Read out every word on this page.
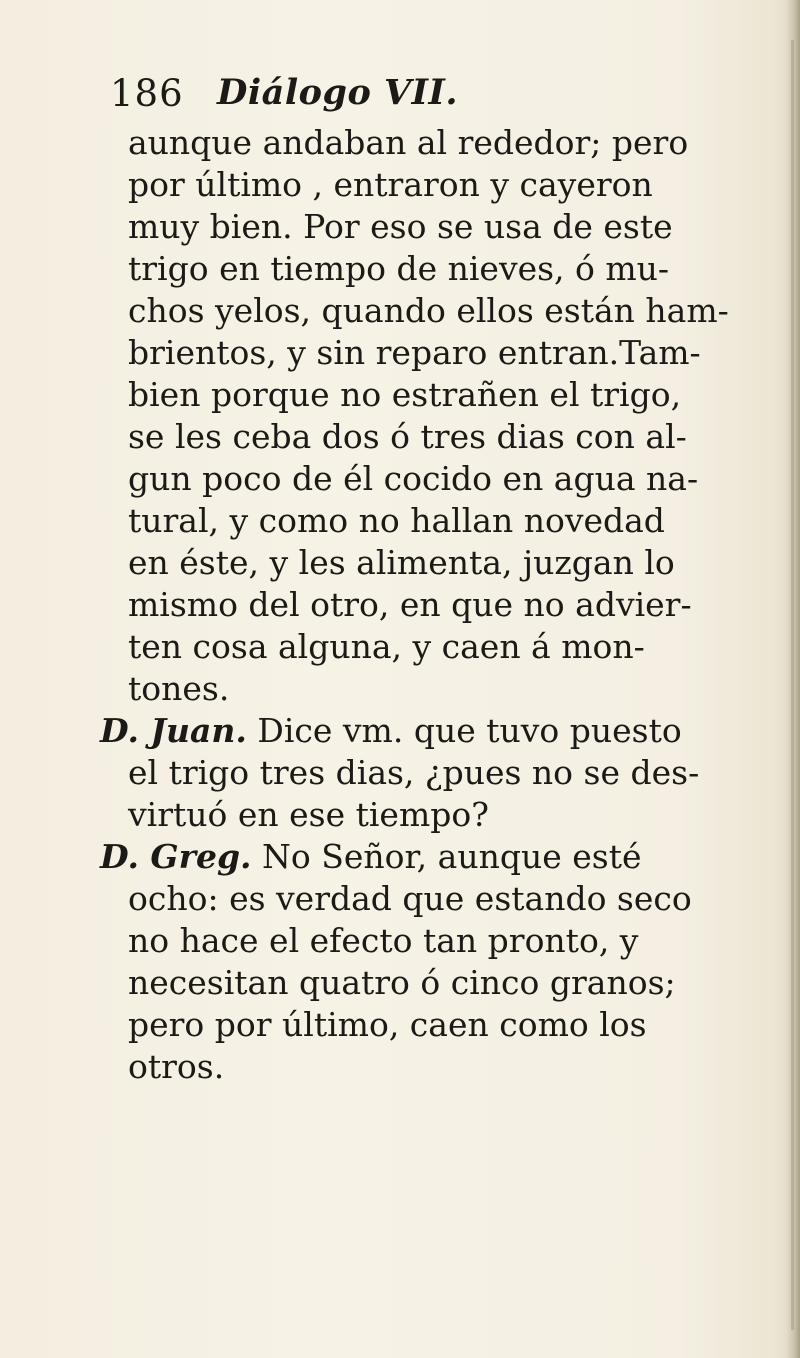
186 Diálogo VII.
aunque andaban al rededor; pero
por último , entraron y cayeron
muy bien. Por eso se usa de este
trigo en tiempo de nieves, ó mu-
chos yelos, quando ellos están ham-
brientos, y sin reparo entran.Tam-
bien porque no estrañen el trigo,
se les ceba dos ó tres dias con al-
gun poco de él cocido en agua na-
tural, y como no hallan novedad
en éste, y les alimenta, juzgan lo
mismo del otro, en que no advier-
ten cosa alguna, y caen á mon-
tones.
D. Juan. Dice vm. que tuvo puesto
el trigo tres dias, ¿pues no se des-
virtuó en ese tiempo?
D. Greg. No Señor, aunque esté
ocho: es verdad que estando seco
no hace el efecto tan pronto, y
necesitan quatro ó cinco granos;
pero por último, caen como los
otros.
